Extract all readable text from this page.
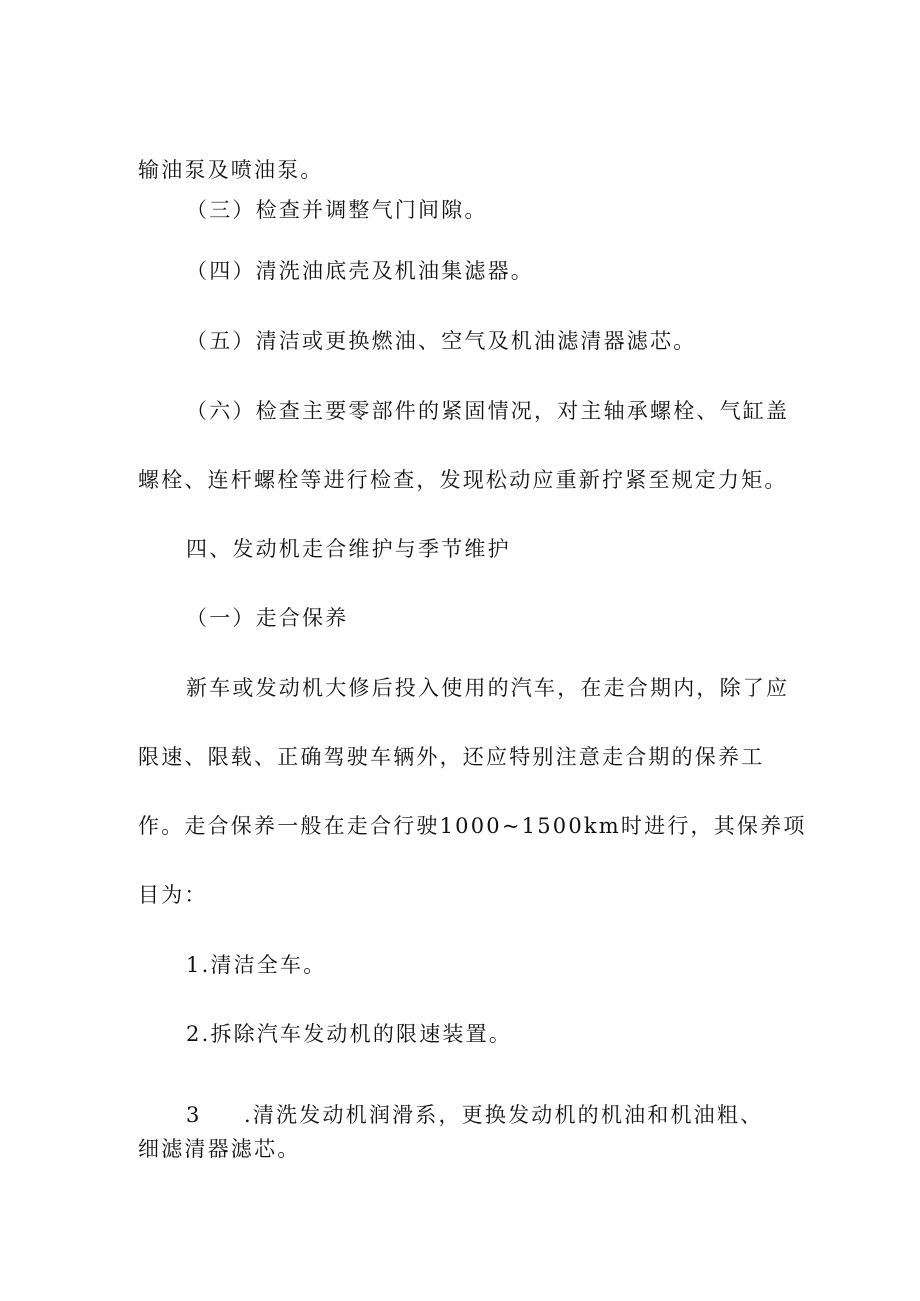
输油泵及喷油泵。

（三）检查并调整气门间隙。

（四）清洗油底壳及机油集滤器。

（五）清洁或更换燃油、空气及机油滤清器滤芯。

（六）检查主要零部件的紧固情况，对主轴承螺栓、气缸盖

螺栓、连杆螺栓等进行检查，发现松动应重新拧紧至规定力矩。

四、发动机走合维护与季节维护

（一）走合保养

新车或发动机大修后投入使用的汽车，在走合期内，除了应

限速、限载、正确驾驶车辆外，还应特别注意走合期的保养工

作。走合保养一般在走合行驶1000~1500km时进行，其保养项

目为：

1.清洁全车。

2.拆除汽车发动机的限速装置。

3 .清洗发动机润滑系，更换发动机的机油和机油粗、

细滤清器滤芯。
